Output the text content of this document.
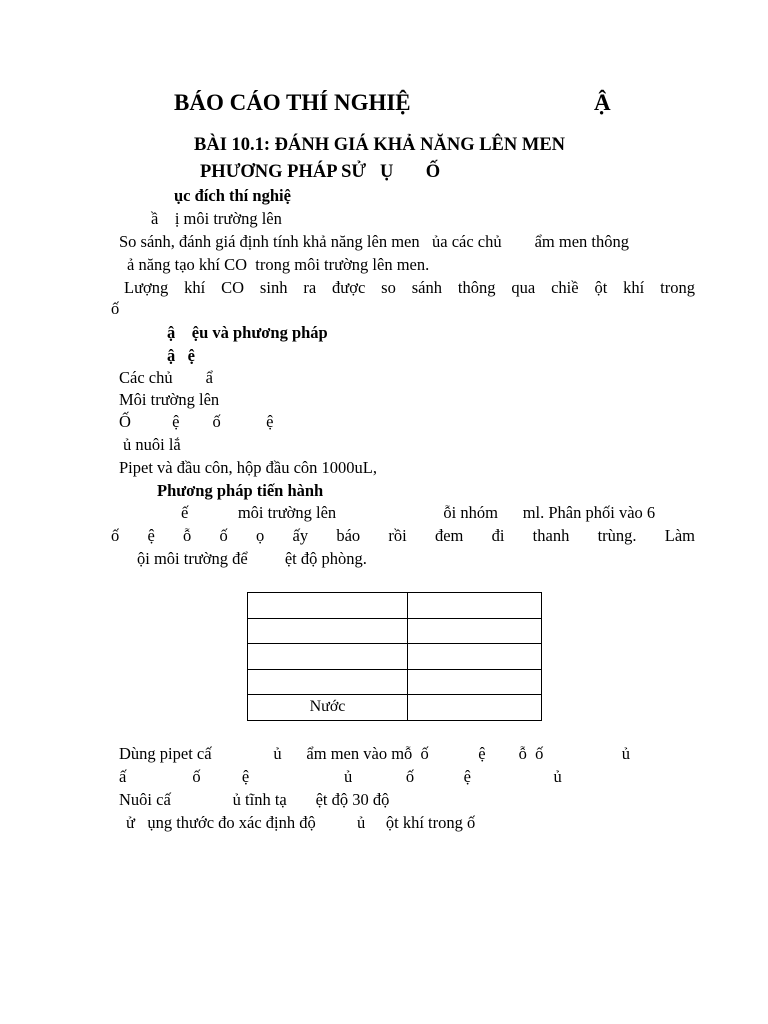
BÁO CÁO THÍ NGHIỆ	Ậ
BÀI 10.1: ĐÁNH GIÁ KHẢ NĂNG LÊN MEN
PHƯƠNG PHÁP SỬ   Ụ       Ố
ục đích thí nghiệ
ầ    ị môi trường lên
So sánh, đánh giá định tính khả năng lên men   ủa các chủ        ẩm men thông
ả năng tạo khí CO  trong môi trường lên men.
Lượng khí CO sinh ra được so sánh thông qua chiề ột khí trong
ố
ậ    ệu và phương pháp
ậ   ệ
Các chủ        ẩ
Môi trường lên
Ố          ệ        ố           ệ
ủ nuôi lắ
Pipet và đầu côn, hộp đầu côn 1000uL,
Phương pháp tiến hành
ế            môi trường lên                          ỗi nhóm      ml. Phân phối vào 6
ố ệ ỗ ố ọ ấy báo rồi đem đi thanh trùng. Làm
ội môi trường để         ệt độ phòng.

Nước	
Dùng pipet cấ               ủ      ẩm men vào mỗ  ố            ệ        ỗ  ố                   ủ
ấ                ố          ệ                       ủ             ố            ệ                    ủ
Nuôi cấ               ủ tĩnh tạ       ệt độ 30 độ
ử   ụng thước đo xác định độ          ủ     ột khí trong ố
